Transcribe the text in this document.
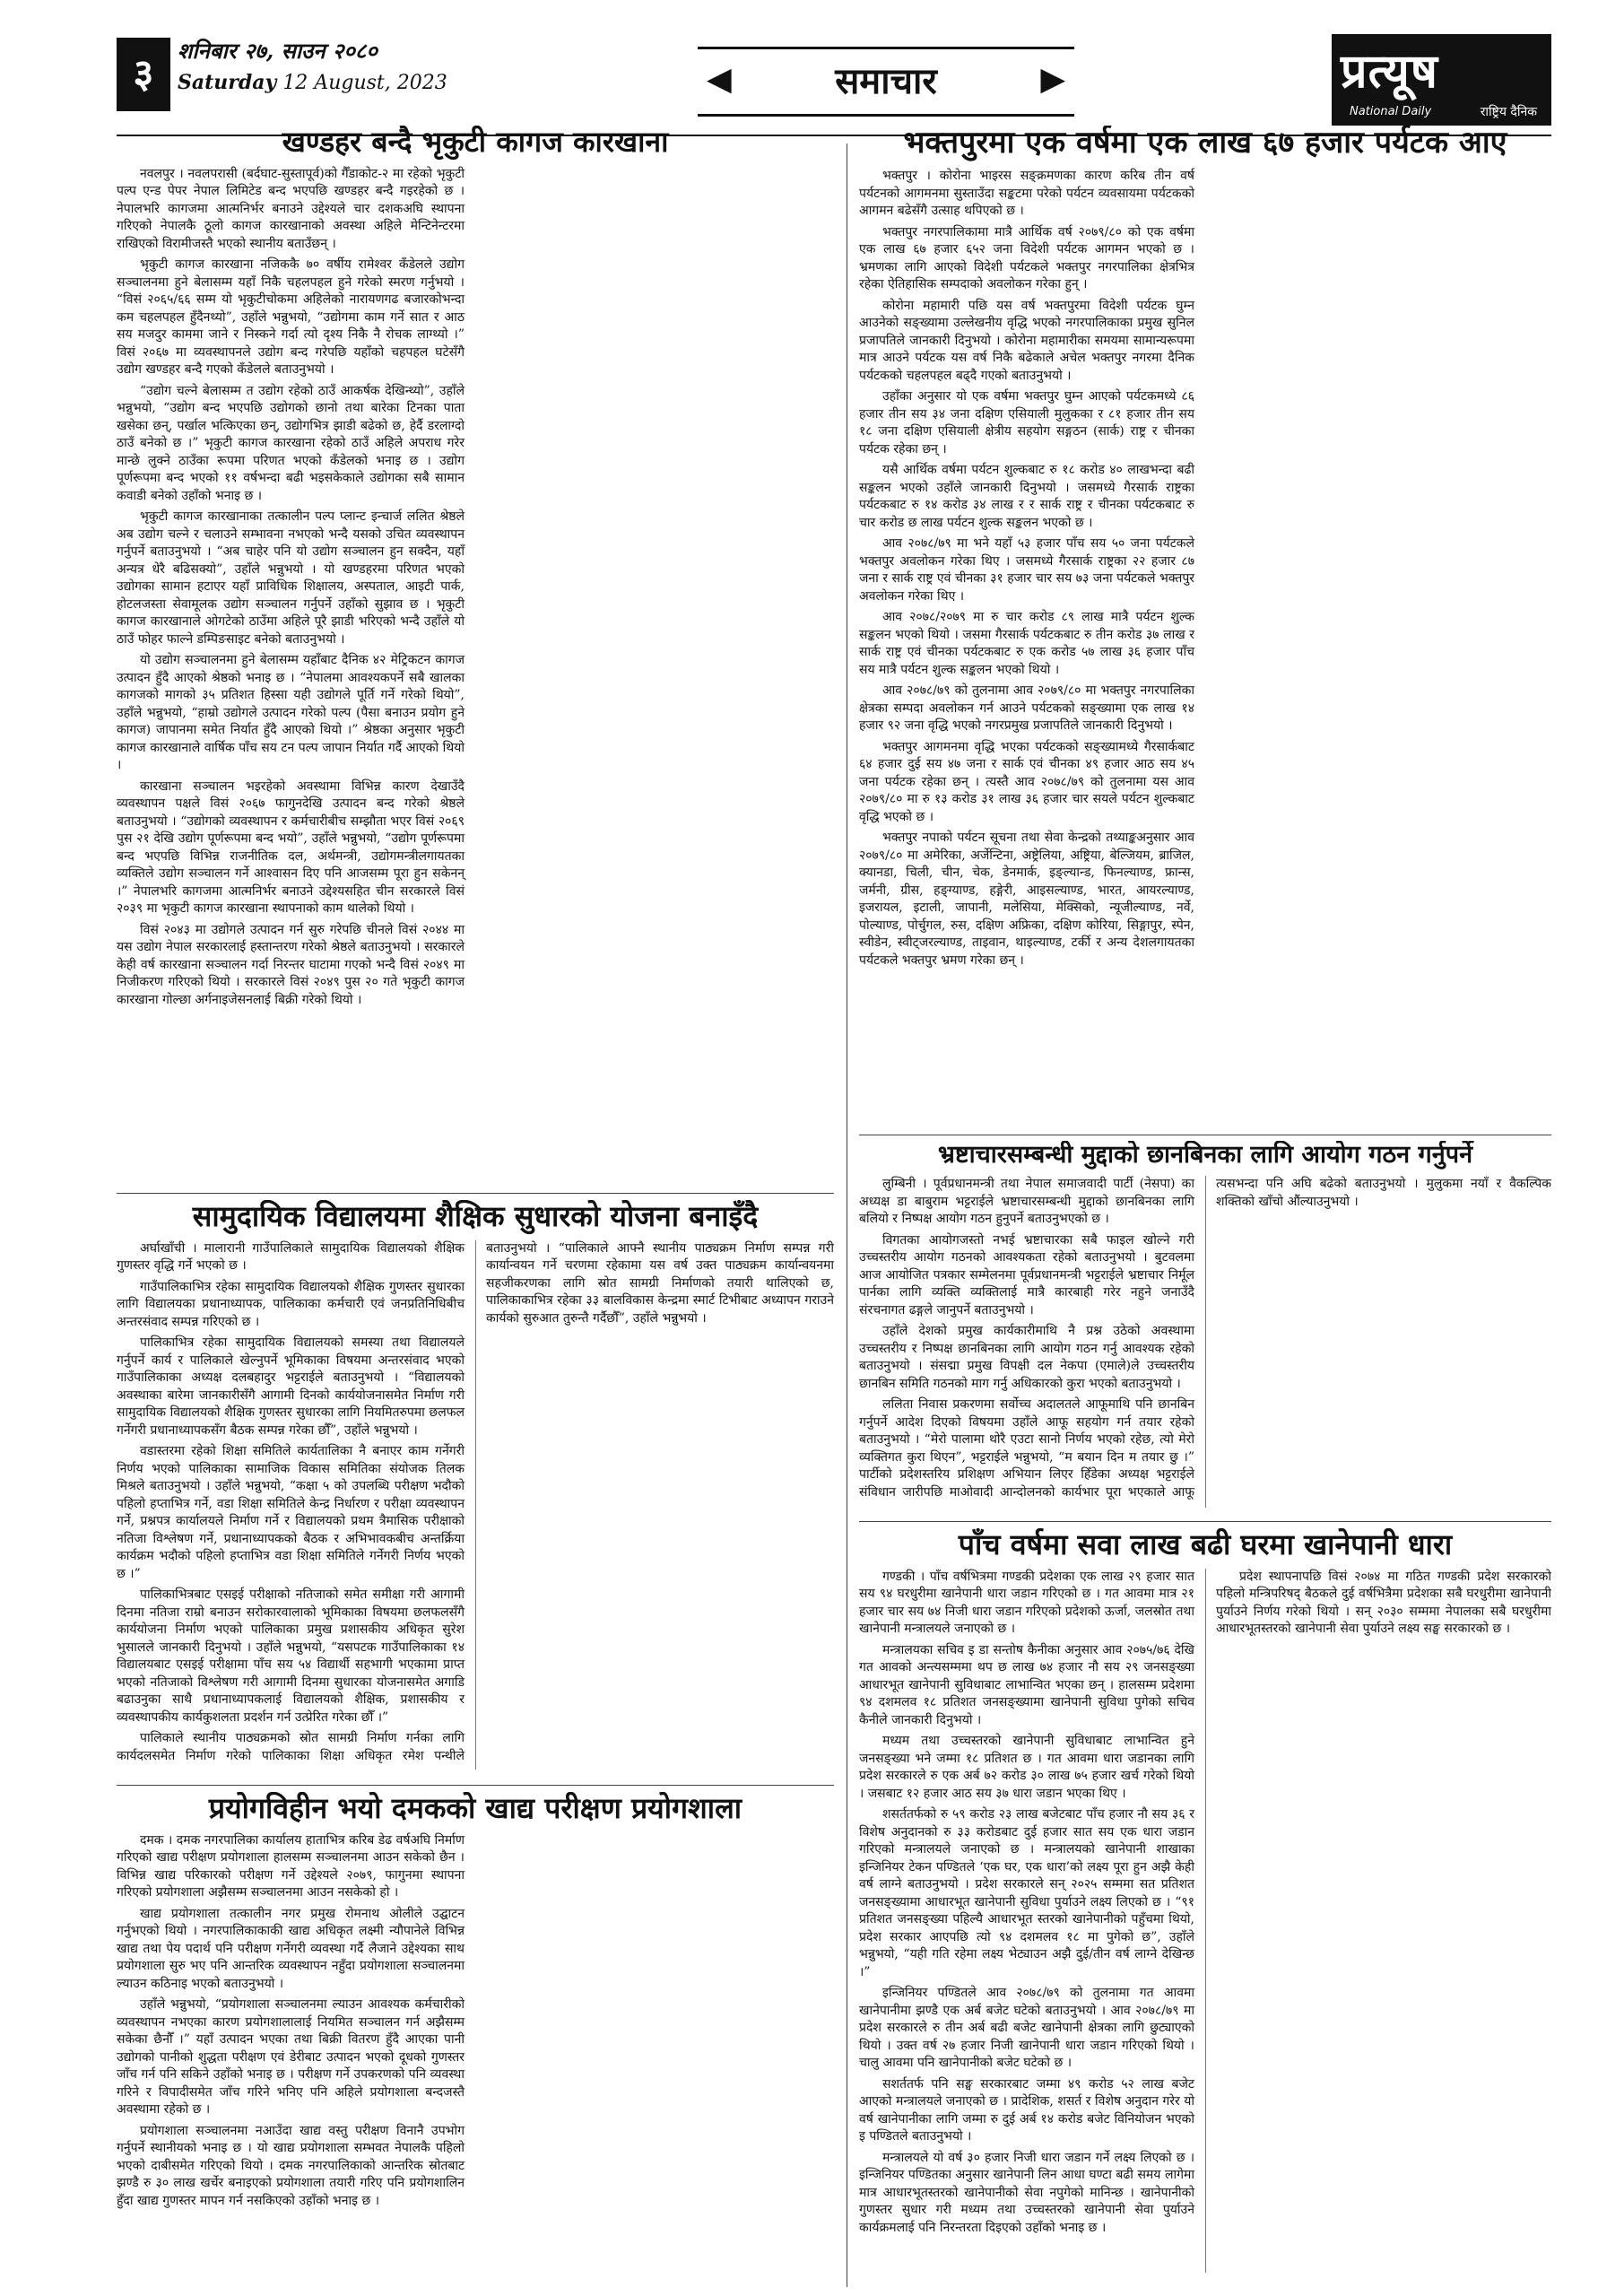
३
शनिबार २७, साउन २०८०
Saturday 12 August, 2023	◀	समाचार	▶	प्रत्यूष
National Daily	राष्ट्रिय दैनिक
खण्डहर बन्दै भृकुटी कागज कारखाना

नवलपुर । नवलपरासी (बर्दघाट-सुस्तापूर्व)को गैँडाकोट-२ मा रहेको भृकुटी पल्प एन्ड पेपर नेपाल लिमिटेड बन्द भएपछि खण्डहर बन्दै गइरहेको छ । नेपालभरि कागजमा आत्मनिर्भर बनाउने उद्देश्यले चार दशकअघि स्थापना गरिएको नेपालकै ठूलो कागज कारखानाको अवस्था अहिले मेन्टिनेन्टरमा राखिएको विरामीजस्तै भएको स्थानीय बताउँछन् ।

भृकुटी कागज कारखाना नजिककै ७० वर्षीय रामेश्वर कँडेलले उद्योग सञ्चालनमा हुने बेलासम्म यहाँ निकै चहलपहल हुने गरेको स्मरण गर्नुभयो । “विसं २०६५/६६ सम्म यो भृकुटीचोकमा अहिलेको नारायणगढ बजारकोभन्दा कम चहलपहल हुँदैनथ्यो”, उहाँले भन्नुभयो, “उद्योगमा काम गर्ने सात र आठ सय मजदुर काममा जाने र निस्कने गर्दा त्यो दृश्य निकै नै रोचक लाग्थ्यो ।” विसं २०६७ मा व्यवस्थापनले उद्योग बन्द गरेपछि यहाँको चहपहल घटेसँगै उद्योग खण्डहर बन्दै गएको कँडेलले बताउनुभयो ।

“उद्योग चल्ने बेलासम्म त उद्योग रहेको ठाउँ आकर्षक देखिन्थ्यो”, उहाँले भन्नुभयो, “उद्योग बन्द भएपछि उद्योगको छानो तथा बारेका टिनका पाता खसेका छन्, पर्खाल भत्किएका छन्, उद्योगभित्र झाडी बढेको छ, हेर्दै डरलाग्दो ठाउँ बनेको छ ।” भृकुटी कागज कारखाना रहेको ठाउँ अहिले अपराध गरेर मान्छे लुक्ने ठाउँका रूपमा परिणत भएको कँडेलको भनाइ छ । उद्योग पूर्णरूपमा बन्द भएको ११ वर्षभन्दा बढी भइसकेकाले उद्योगका सबै सामान कवाडी बनेको उहाँको भनाइ छ ।

भृकुटी कागज कारखानाका तत्कालीन पल्प प्लान्ट इन्चार्ज ललित श्रेष्ठले अब उद्योग चल्ने र चलाउने सम्भावना नभएको भन्दै यसको उचित व्यवस्थापन गर्नुपर्ने बताउनुभयो । “अब चाहेर पनि यो उद्योग सञ्चालन हुन सक्दैन, यहाँ अन्यत्र धेरै बढिसक्यो”, उहाँले भन्नुभयो । यो खण्डहरमा परिणत भएको उद्योगका सामान हटाएर यहाँ प्राविधिक शिक्षालय, अस्पताल, आइटी पार्क, होटलजस्ता सेवामूलक उद्योग सञ्चालन गर्नुपर्ने उहाँको सुझाव छ । भृकुटी कागज कारखानाले ओगटेको ठाउँमा अहिले पूरै झाडी भरिएको भन्दै उहाँले यो ठाउँ फोहर फाल्ने डम्पिङसाइट बनेको बताउनुभयो ।

यो उद्योग सञ्चालनमा हुने बेलासम्म यहाँबाट दैनिक ४२ मेट्रिकटन कागज उत्पादन हुँदै आएको श्रेष्ठको भनाइ छ । “नेपालमा आवश्यकपर्ने सबै खालका कागजको मागको ३५ प्रतिशत हिस्सा यही उद्योगले पूर्ति गर्ने गरेको थियो”, उहाँले भन्नुभयो, “हाम्रो उद्योगले उत्पादन गरेको पल्प (पैसा बनाउन प्रयोग हुने कागज) जापानमा समेत निर्यात हुँदै आएको थियो ।” श्रेष्ठका अनुसार भृकुटी कागज कारखानाले वार्षिक पाँच सय टन पल्प जापान निर्यात गर्दै आएको थियो ।

कारखाना सञ्चालन भइरहेको अवस्थामा विभिन्न कारण देखाउँदै व्यवस्थापन पक्षले विसं २०६७ फागुनदेखि उत्पादन बन्द गरेको श्रेष्ठले बताउनुभयो । “उद्योगको व्यवस्थापन र कर्मचारीबीच सम्झौता भएर विसं २०६९ पुस २१ देखि उद्योग पूर्णरूपमा बन्द भयो”, उहाँले भन्नुभयो, “उद्योग पूर्णरूपमा बन्द भएपछि विभिन्न राजनीतिक दल, अर्थमन्त्री, उद्योगमन्त्रीलगायतका व्यक्तिले उद्योग सञ्चालन गर्ने आश्वासन दिए पनि आजसम्म पूरा हुन सकेनन् ।” नेपालभरि कागजमा आत्मनिर्भर बनाउने उद्देश्यसहित चीन सरकारले विसं २०३९ मा भृकुटी कागज कारखाना स्थापनाको काम थालेको थियो ।

विसं २०४३ मा उद्योगले उत्पादन गर्न सुरु गरेपछि चीनले विसं २०४४ मा यस उद्योग नेपाल सरकारलाई हस्तान्तरण गरेको श्रेष्ठले बताउनुभयो । सरकारले केही वर्ष कारखाना सञ्चालन गर्दा निरन्तर घाटामा गएको भन्दै विसं २०४९ मा निजीकरण गरिएको थियो । सरकारले विसं २०४९ पुस २० गते भृकुटी कागज कारखाना गोल्छा अर्गनाइजेसनलाई बिक्री गरेको थियो ।

सामुदायिक विद्यालयमा शैक्षिक सुधारको योजना बनाइँदै

अर्घाखाँची । मालारानी गाउँपालिकाले सामुदायिक विद्यालयको शैक्षिक गुणस्तर वृद्धि गर्ने भएको छ ।

गाउँपालिकाभित्र रहेका सामुदायिक विद्यालयको शैक्षिक गुणस्तर सुधारका लागि विद्यालयका प्रधानाध्यापक, पालिकाका कर्मचारी एवं जनप्रतिनिधिबीच अन्तरसंवाद सम्पन्न गरिएको छ ।

पालिकाभित्र रहेका सामुदायिक विद्यालयको समस्या तथा विद्यालयले गर्नुपर्ने कार्य र पालिकाले खेल्नुपर्ने भूमिकाका विषयमा अन्तरसंवाद भएको गाउँपालिकाका अध्यक्ष दलबहादुर भट्टराईले बताउनुभयो । “विद्यालयको अवस्थाका बारेमा जानकारीसँगै आगामी दिनको कार्ययोजनासमेत निर्माण गरी सामुदायिक विद्यालयको शैक्षिक गुणस्तर सुधारका लागि नियमितरुपमा छलफल गर्नेगरी प्रधानाध्यापकसँग बैठक सम्पन्न गरेका छौँ”, उहाँले भन्नुभयो ।

वडास्तरमा रहेको शिक्षा समितिले कार्यतालिका नै बनाएर काम गर्नेगरी निर्णय भएको पालिकाका सामाजिक विकास समितिका संयोजक तिलक मिश्रले बताउनुभयो । उहाँले भन्नुभयो, “कक्षा ५ को उपलब्धि परीक्षण भदौको पहिलो हप्ताभित्र गर्ने, वडा शिक्षा समितिले केन्द्र निर्धारण र परीक्षा व्यवस्थापन गर्ने, प्रश्नपत्र कार्यालयले निर्माण गर्ने र विद्यालयको प्रथम त्रैमासिक परीक्षाको नतिजा विश्लेषण गर्ने, प्रधानाध्यापकको बैठक र अभिभावकबीच अन्तर्क्रिया कार्यक्रम भदौको पहिलो हप्ताभित्र वडा शिक्षा समितिले गर्नेगरी निर्णय भएको छ ।”

पालिकाभित्रबाट एसइई परीक्षाको नतिजाको समेत समीक्षा गरी आगामी दिनमा नतिजा राम्रो बनाउन सरोकारवालाको भूमिकाका विषयमा छलफलसँगै कार्ययोजना निर्माण भएको पालिकाका प्रमुख प्रशासकीय अधिकृत सुरेश भुसालले जानकारी दिनुभयो । उहाँले भन्नुभयो, “यसपटक गाउँपालिकाका १४ विद्यालयबाट एसइई परीक्षामा पाँच सय ५४ विद्यार्थी सहभागी भएकामा प्राप्त भएको नतिजाको विश्लेषण गरी आगामी दिनमा सुधारका योजनासमेत अगाडि बढाउनुका साथै प्रधानाध्यापकलाई विद्यालयको शैक्षिक, प्रशासकीय र व्यवस्थापकीय कार्यकुशलता प्रदर्शन गर्न उत्प्रेरित गरेका छौँ ।”

पालिकाले स्थानीय पाठ्यक्रमको स्रोत सामग्री निर्माण गर्नका लागि कार्यदलसमेत निर्माण गरेको पालिकाका शिक्षा अधिकृत रमेश पन्थीले बताउनुभयो । “पालिकाले आफ्नै स्थानीय पाठ्यक्रम निर्माण सम्पन्न गरी कार्यान्वयन गर्ने चरणमा रहेकामा यस वर्ष उक्त पाठ्यक्रम कार्यान्वयनमा सहजीकरणका लागि स्रोत सामग्री निर्माणको तयारी थालिएको छ, पालिकाकाभित्र रहेका ३३ बालविकास केन्द्रमा स्मार्ट टिभीबाट अध्यापन गराउने कार्यको सुरुआत तुरुन्तै गर्दैछौँ”, उहाँले भन्नुभयो ।

प्रयोगविहीन भयो दमकको खाद्य परीक्षण प्रयोगशाला

दमक । दमक नगरपालिका कार्यालय हाताभित्र करिब डेढ वर्षअघि निर्माण गरिएको खाद्य परीक्षण प्रयोगशाला हालसम्म सञ्चालनमा आउन सकेको छैन । विभिन्न खाद्य परिकारको परीक्षण गर्ने उद्देश्यले २०७९, फागुनमा स्थापना गरिएको प्रयोगशाला अझैसम्म सञ्चालनमा आउन नसकेको हो ।

खाद्य प्रयोगशाला तत्कालीन नगर प्रमुख रोमनाथ ओलीले उद्घाटन गर्नुभएको थियो । नगरपालिकाकाकी खाद्य अधिकृत लक्ष्मी न्यौपानेले विभिन्न खाद्य तथा पेय पदार्थ पनि परीक्षण गर्नेगरी व्यवस्था गर्दै लैजाने उद्देश्यका साथ प्रयोगशाला सुरु भए पनि आन्तरिक व्यवस्थापन नहुँदा प्रयोगशाला सञ्चालनमा ल्याउन कठिनाइ भएको बताउनुभयो ।

उहाँले भन्नुभयो, “प्रयोगशाला सञ्चालनमा ल्याउन आवश्यक कर्मचारीको व्यवस्थापन नभएका कारण प्रयोगशालालाई नियमित सञ्चालन गर्न अझैसम्म सकेका छैनौँ ।” यहाँ उत्पादन भएका तथा बिक्री वितरण हुँदै आएका पानी उद्योगको पानीको शुद्धता परीक्षण एवं डेरीबाट उत्पादन भएको दूधको गुणस्तर जाँच गर्न पनि सकिने उहाँको भनाइ छ । परीक्षण गर्ने उपकरणको पनि व्यवस्था गरिने र विपादीसमेत जाँच गरिने भनिए पनि अहिले प्रयोगशाला बन्दजस्तै अवस्थामा रहेको छ ।

प्रयोगशाला सञ्चालनमा नआउँदा खाद्य वस्तु परीक्षण विनानै उपभोग गर्नुपर्ने स्थानीयको भनाइ छ । यो खाद्य प्रयोगशाला सम्भवत नेपालकै पहिलो भएको दाबीसमेत गरिएको थियो । दमक नगरपालिकाको आन्तरिक स्रोतबाट झण्डै रु ३० लाख खर्चेर बनाइएको प्रयोगशाला तयारी गरिए पनि प्रयोगशालिन हुँदा खाद्य गुणस्तर मापन गर्न नसकिएको उहाँको भनाइ छ ।

भक्तपुरमा एक वर्षमा एक लाख ६७ हजार पर्यटक आए

भक्तपुर । कोरोना भाइरस सङ्क्रमणका कारण करिब तीन वर्ष पर्यटनको आगमनमा सुस्ताउँदा सङ्कटमा परेको पर्यटन व्यवसायमा पर्यटकको आगमन बढेसँगै उत्साह थपिएको छ ।

भक्तपुर नगरपालिकामा मात्रै आर्थिक वर्ष २०७९/८० को एक वर्षमा एक लाख ६७ हजार ६५२ जना विदेशी पर्यटक आगमन भएको छ । भ्रमणका लागि आएको विदेशी पर्यटकले भक्तपुर नगरपालिका क्षेत्रभित्र रहेका ऐतिहासिक सम्पदाको अवलोकन गरेका हुन् ।

कोरोना महामारी पछि यस वर्ष भक्तपुरमा विदेशी पर्यटक घुम्न आउनेको सङ्ख्यामा उल्लेखनीय वृद्धि भएको नगरपालिकाका प्रमुख सुनिल प्रजापतिले जानकारी दिनुभयो । कोरोना महामारीका समयमा सामान्यरूपमा मात्र आउने पर्यटक यस वर्ष निकै बढेकाले अचेल भक्तपुर नगरमा दैनिक पर्यटकको चहलपहल बढ्दै गएको बताउनुभयो ।

उहाँका अनुसार यो एक वर्षमा भक्तपुर घुम्न आएको पर्यटकमध्ये ८६ हजार तीन सय ३४ जना दक्षिण एसियाली मुलुकका र ८१ हजार तीन सय १८ जना दक्षिण एसियाली क्षेत्रीय सहयोग सङ्गठन (सार्क) राष्ट्र र चीनका पर्यटक रहेका छन् ।

यसै आर्थिक वर्षमा पर्यटन शुल्कबाट रु १८ करोड ४० लाखभन्दा बढी सङ्कलन भएको उहाँले जानकारी दिनुभयो । जसमध्ये गैरसार्क राष्ट्रका पर्यटकबाट रु १४ करोड ३४ लाख र र सार्क राष्ट्र र चीनका पर्यटकबाट रु चार करोड छ लाख पर्यटन शुल्क सङ्कलन भएको छ ।

आव २०७८/७९ मा भने यहाँ ५३ हजार पाँच सय ५० जना पर्यटकले भक्तपुर अवलोकन गरेका थिए । जसमध्ये गैरसार्क राष्ट्रका २२ हजार ८७ जना र सार्क राष्ट्र एवं चीनका ३१ हजार चार सय ७३ जना पर्यटकले भक्तपुर अवलोकन गरेका थिए ।

आव २०७८/२०७९ मा रु चार करोड ८९ लाख मात्रै पर्यटन शुल्क सङ्कलन भएको थियो । जसमा गैरसार्क पर्यटकबाट रु तीन करोड ३७ लाख र सार्क राष्ट्र एवं चीनका पर्यटकबाट रु एक करोड ५७ लाख ३६ हजार पाँच सय मात्रै पर्यटन शुल्क सङ्कलन भएको थियो ।

आव २०७८/७९ को तुलनामा आव २०७९/८० मा भक्तपुर नगरपालिका क्षेत्रका सम्पदा अवलोकन गर्न आउने पर्यटकको सङ्ख्यामा एक लाख १४ हजार ९२ जना वृद्धि भएको नगरप्रमुख प्रजापतिले जानकारी दिनुभयो ।

भक्तपुर आगमनमा वृद्धि भएका पर्यटकको सङ्ख्यामध्ये गैरसार्कबाट ६४ हजार दुई सय ४७ जना र सार्क एवं चीनका ४९ हजार आठ सय ४५ जना पर्यटक रहेका छन् । त्यस्तै आव २०७८/७९ को तुलनामा यस आव २०७९/८० मा रु १३ करोड ३१ लाख ३६ हजार चार सयले पर्यटन शुल्कबाट वृद्धि भएको छ ।

भक्तपुर नपाको पर्यटन सूचना तथा सेवा केन्द्रको तथ्याङ्कअनुसार आव २०७९/८० मा अमेरिका, अर्जेन्टिना, अष्ट्रेलिया, अष्ट्रिया, बेल्जियम, ब्राजिल, क्यानडा, चिली, चीन, चेक, डेनमार्क, इङ्ल्यान्ड, फिनल्याण्ड, फ्रान्स, जर्मनी, ग्रीस, हङ्ग्याण्ड, हङ्गेरी, आइसल्याण्ड, भारत, आयरल्याण्ड, इजरायल, इटाली, जापानी, मलेसिया, मेक्सिको, न्यूजील्याण्ड, नर्वे, पोल्याण्ड, पोर्चुगल, रुस, दक्षिण अफ्रिका, दक्षिण कोरिया, सिङ्गापुर, स्पेन, स्वीडेन, स्वीट्जरल्याण्ड, ताइवान, थाइल्याण्ड, टर्की र अन्य देशलगायतका पर्यटकले भक्तपुर भ्रमण गरेका छन् ।

भ्रष्टाचारसम्बन्धी मुद्दाको छानबिनका लागि आयोग गठन गर्नुपर्ने

लुम्बिनी । पूर्वप्रधानमन्त्री तथा नेपाल समाजवादी पार्टी (नेसपा) का अध्यक्ष डा बाबुराम भट्टराईले भ्रष्टाचारसम्बन्धी मुद्दाको छानबिनका लागि बलियो र निष्पक्ष आयोग गठन हुनुपर्ने बताउनुभएको छ ।

विगतका आयोगजस्तो नभई भ्रष्टाचारका सबै फाइल खोल्ने गरी उच्चस्तरीय आयोग गठनको आवश्यकता रहेको बताउनुभयो । बुटवलमा आज आयोजित पत्रकार सम्मेलनमा पूर्वप्रधानमन्त्री भट्टराईले भ्रष्टाचार निर्मूल पार्नका लागि व्यक्ति व्यक्तिलाई मात्रै कारबाही गरेर नहुने जनाउँदै संरचनागत ढङ्गले जानुपर्ने बताउनुभयो ।

उहाँले देशको प्रमुख कार्यकारीमाथि नै प्रश्न उठेको अवस्थामा उच्चस्तरीय र निष्पक्ष छानबिनका लागि आयोग गठन गर्नु आवश्यक रहेको बताउनुभयो । संसद्मा प्रमुख विपक्षी दल नेकपा (एमाले)ले उच्चस्तरीय छानबिन समिति गठनको माग गर्नु अधिकारको कुरा भएको बताउनुभयो ।

ललिता निवास प्रकरणमा सर्वोच्च अदालतले आफूमाथि पनि छानबिन गर्नुपर्ने आदेश दिएको विषयमा उहाँले आफू सहयोग गर्न तयार रहेको बताउनुभयो । “मेरो पालामा थोरै एउटा सानो निर्णय भएको रहेछ, त्यो मेरो व्यक्तिगत कुरा थिएन”, भट्टराईले भन्नुभयो, “म बयान दिन म तयार छु ।” पार्टीको प्रदेशस्तरिय प्रशिक्षण अभियान लिएर हिँडेका अध्यक्ष भट्टराईले संविधान जारीपछि माओवादी आन्दोलनको कार्यभार पूरा भएकाले आफू त्यसभन्दा पनि अघि बढेको बताउनुभयो । मुलुकमा नयाँ र वैकल्पिक शक्तिको खाँचो औंल्याउनुभयो ।

पाँच वर्षमा सवा लाख बढी घरमा खानेपानी धारा

गण्डकी । पाँच वर्षभित्रमा गण्डकी प्रदेशका एक लाख २९ हजार सात सय ९४ घरधुरीमा खानेपानी धारा जडान गरिएको छ । गत आवमा मात्र २१ हजार चार सय ७४ निजी धारा जडान गरिएको प्रदेशको ऊर्जा, जलस्रोत तथा खानेपानी मन्त्रालयले जनाएको छ ।

मन्त्रालयका सचिव इ डा सन्तोष कैनीका अनुसार आव २०७५/७६ देखि गत आवको अन्त्यसम्ममा थप छ लाख ७४ हजार नौ सय २९ जनसङ्ख्या आधारभूत खानेपानी सुविधाबाट लाभान्वित भएका छन् । हालसम्म प्रदेशमा ९४ दशमलव १८ प्रतिशत जनसङ्ख्यामा खानेपानी सुविधा पुगेको सचिव कैनीले जानकारी दिनुभयो ।

मध्यम तथा उच्चस्तरको खानेपानी सुविधाबाट लाभान्वित हुने जनसङ्ख्या भने जम्मा १८ प्रतिशत छ । गत आवमा धारा जडानका लागि प्रदेश सरकारले रु एक अर्ब ७२ करोड ३० लाख ७५ हजार खर्च गरेको थियो । जसबाट १२ हजार आठ सय ३७ धारा जडान भएका थिए ।

शसर्ततर्फको रु ५९ करोड २३ लाख बजेटबाट पाँच हजार नौ सय ३६ र विशेष अनुदानको रु ३३ करोडबाट दुई हजार सात सय एक धारा जडान गरिएको मन्त्रालयले जनाएको छ । मन्त्रालयको खानेपानी शाखाका इन्जिनियर टेकन पण्डितले ‘एक घर, एक धारा’को लक्ष्य पूरा हुन अझै केही वर्ष लाग्ने बताउनुभयो । प्रदेश सरकारले सन् २०२५ सम्ममा सत प्रतिशत जनसङ्ख्यामा आधारभूत खानेपानी सुविधा पुर्याउने लक्ष्य लिएको छ । “९१ प्रतिशत जनसङ्ख्या पहिल्यै आधारभूत स्तरको खानेपानीको पहुँचमा थियो, प्रदेश सरकार आएपछि त्यो ९४ दशमलव १८ मा पुगेको छ”, उहाँले भन्नुभयो, “यही गति रहेमा लक्ष्य भेट्याउन अझै दुई/तीन वर्ष लाग्ने देखिन्छ ।”

इन्जिनियर पण्डितले आव २०७८/७९ को तुलनामा गत आवमा खानेपानीमा झण्डै एक अर्ब बजेट घटेको बताउनुभयो । आव २०७८/७९ मा प्रदेश सरकारले रु तीन अर्ब बढी बजेट खानेपानी क्षेत्रका लागि छुट्याएको थियो । उक्त वर्ष २७ हजार निजी खानेपानी धारा जडान गरिएको थियो । चालु आवमा पनि खानेपानीको बजेट घटेको छ ।

सशर्ततर्फ पनि सङ्घ सरकारबाट जम्मा ४९ करोड ५२ लाख बजेट आएको मन्त्रालयले जनाएको छ । प्रादेशिक, शसर्त र विशेष अनुदान गरेर यो वर्ष खानेपानीका लागि जम्मा रु दुई अर्ब १४ करोड बजेट विनियोजन भएको इ पण्डितले बताउनुभयो ।

मन्त्रालयले यो वर्ष ३० हजार निजी धारा जडान गर्ने लक्ष्य लिएको छ । इन्जिनियर पण्डितका अनुसार खानेपानी लिन आधा घण्टा बढी समय लागेमा मात्र आधारभूतस्तरको खानेपानीको सेवा नपुगेको मानिन्छ । खानेपानीको गुणस्तर सुधार गरी मध्यम तथा उच्चस्तरको खानेपानी सेवा पुर्याउने कार्यक्रमलाई पनि निरन्तरता दिइएको उहाँको भनाइ छ ।

प्रदेश स्थापनापछि विसं २०७४ मा गठित गण्डकी प्रदेश सरकारको पहिलो मन्त्रिपरिषद् बैठकले दुई वर्षभित्रैमा प्रदेशका सबै घरधुरीमा खानेपानी पुर्याउने निर्णय गरेको थियो । सन् २०३० सम्ममा नेपालका सबै घरधुरीमा आधारभूतस्तरको खानेपानी सेवा पुर्याउने लक्ष्य सङ्घ सरकारको छ ।
